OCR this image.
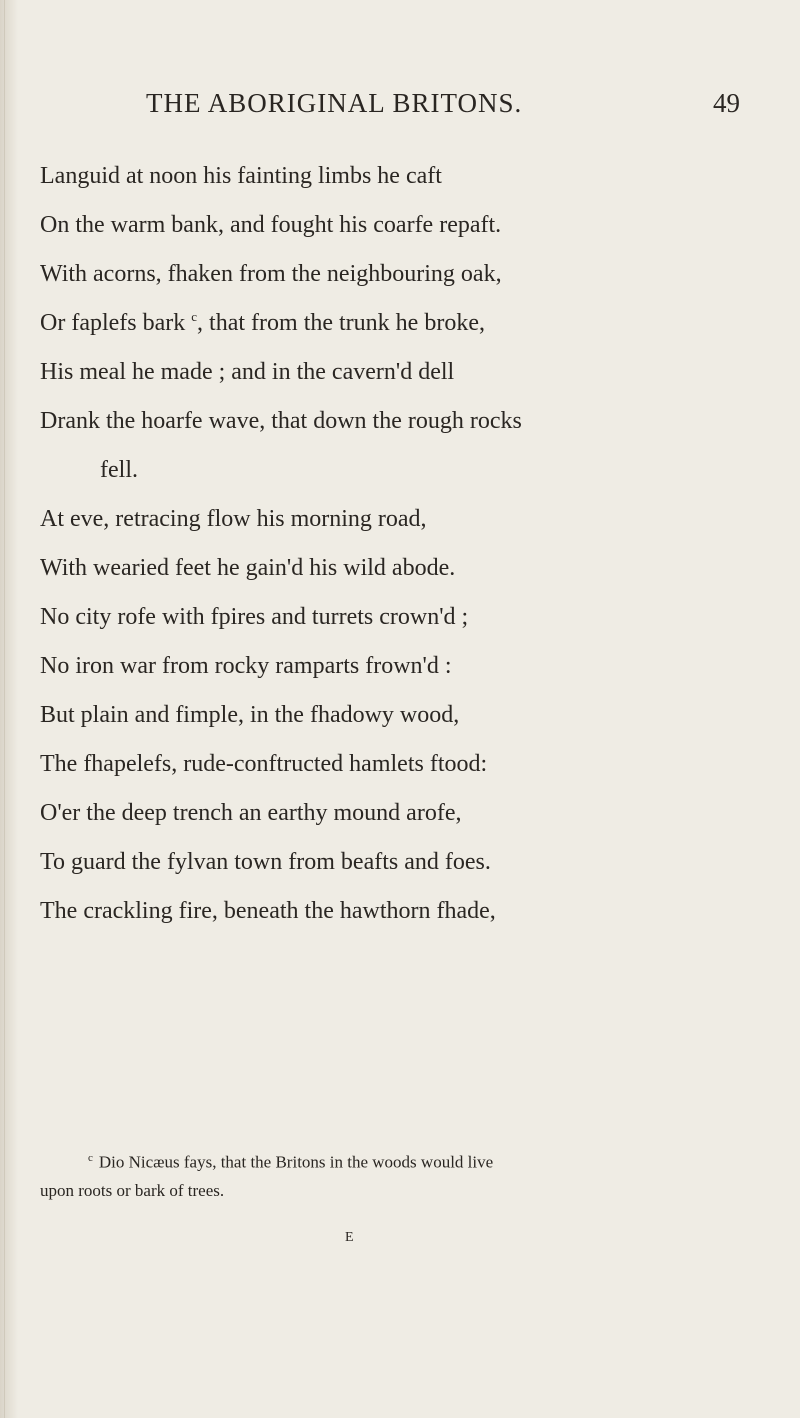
THE ABORIGINAL BRITONS.	49
Languid at noon his fainting limbs he caft
On the warm bank, and fought his coarfe repaft.
With acorns, fhaken from the neighbouring oak,
Or faplefs bark $^c$, that from the trunk he broke,
His meal he made ; and in the cavern'd dell
Drank the hoarfe wave, that down the rough rocks
fell.
At eve, retracing flow his morning road,
With wearied feet he gain'd his wild abode.
No city rofe with fpires and turrets crown'd ;
No iron war from rocky ramparts frown'd :
But plain and fimple, in the fhadowy wood,
The fhapelefs, rude-conftructed hamlets ftood:
O'er the deep trench an earthy mound arofe,
To guard the fylvan town from beafts and foes.
The crackling fire, beneath the hawthorn fhade,
$^c$ Dio Nicæus fays, that the Britons in the woods would live
upon roots or bark of trees.
E
